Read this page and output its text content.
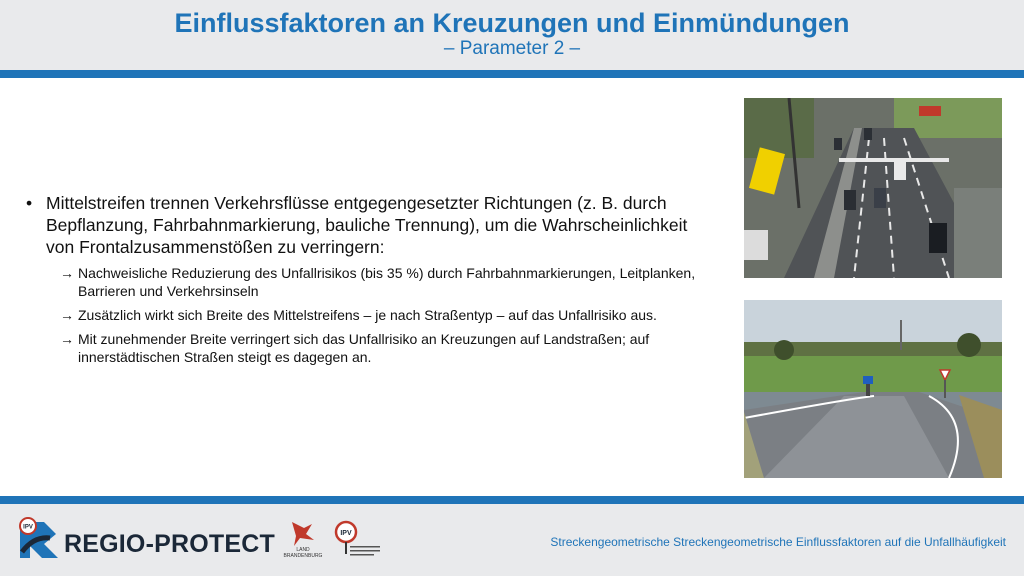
Einflussfaktoren an Kreuzungen und Einmündungen
– Parameter 2 –
• Mittelstreifen trennen Verkehrsflüsse entgegengesetzter Richtungen (z. B. durch Bepflanzung, Fahrbahnmarkierung, bauliche Trennung), um die Wahrscheinlichkeit von Frontalzusammenstößen zu verringern:
→ Nachweisliche Reduzierung des Unfallrisikos (bis 35 %) durch Fahrbahnmarkierungen, Leitplanken, Barrieren und Verkehrsinseln
→ Zusätzlich wirkt sich Breite des Mittelstreifens – je nach Straßentyp – auf das Unfallrisiko aus.
→ Mit zunehmender Breite verringert sich das Unfallrisiko an Kreuzungen auf Landstraßen; auf innerstädtischen Straßen steigt es dagegen an.
IPV
REGIO-PROTECT	LAND
BRANDENBURG
IPV
Streckengeometrische Streckengeometrische Einflussfaktoren auf die Unfallhäufigkeit
